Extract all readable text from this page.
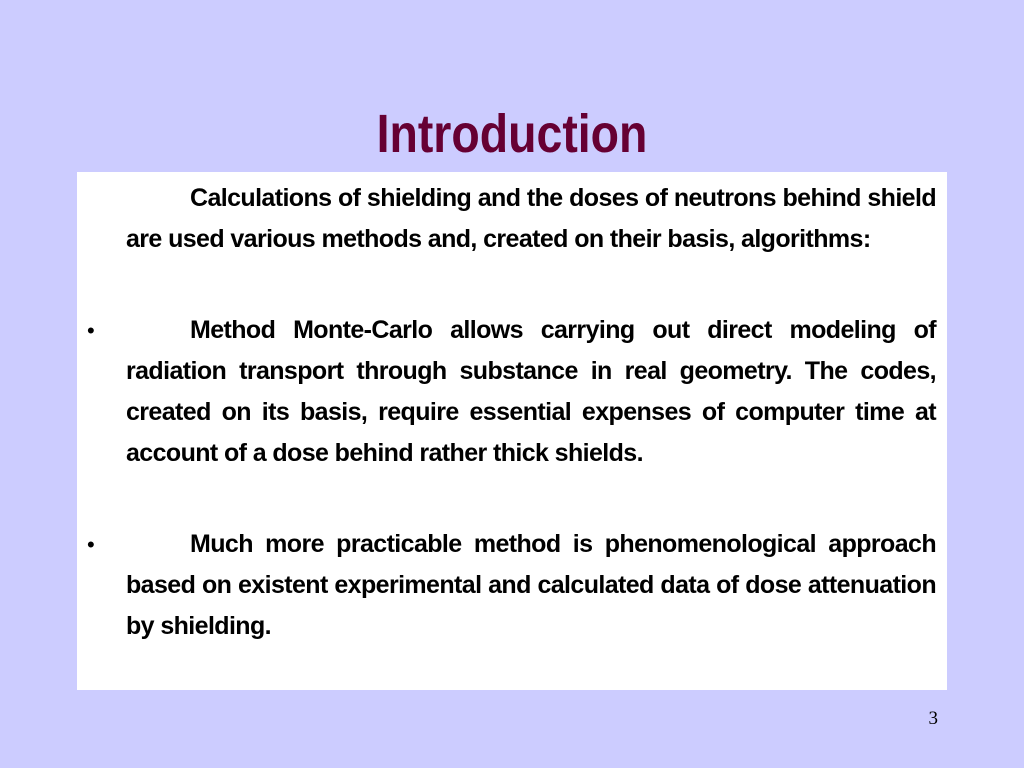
Introduction

Calculations of shielding and the doses of neutrons behind shield are used various methods and, created on their basis, algorithms:

•	Method Monte-Carlo allows carrying out direct modeling of radiation transport through substance in real geometry. The codes, created on its basis, require essential expenses of computer time at account of a dose behind rather thick shields.

•	Much more practicable method is phenomenological approach based on existent experimental and calculated data of dose attenuation by shielding.

3
